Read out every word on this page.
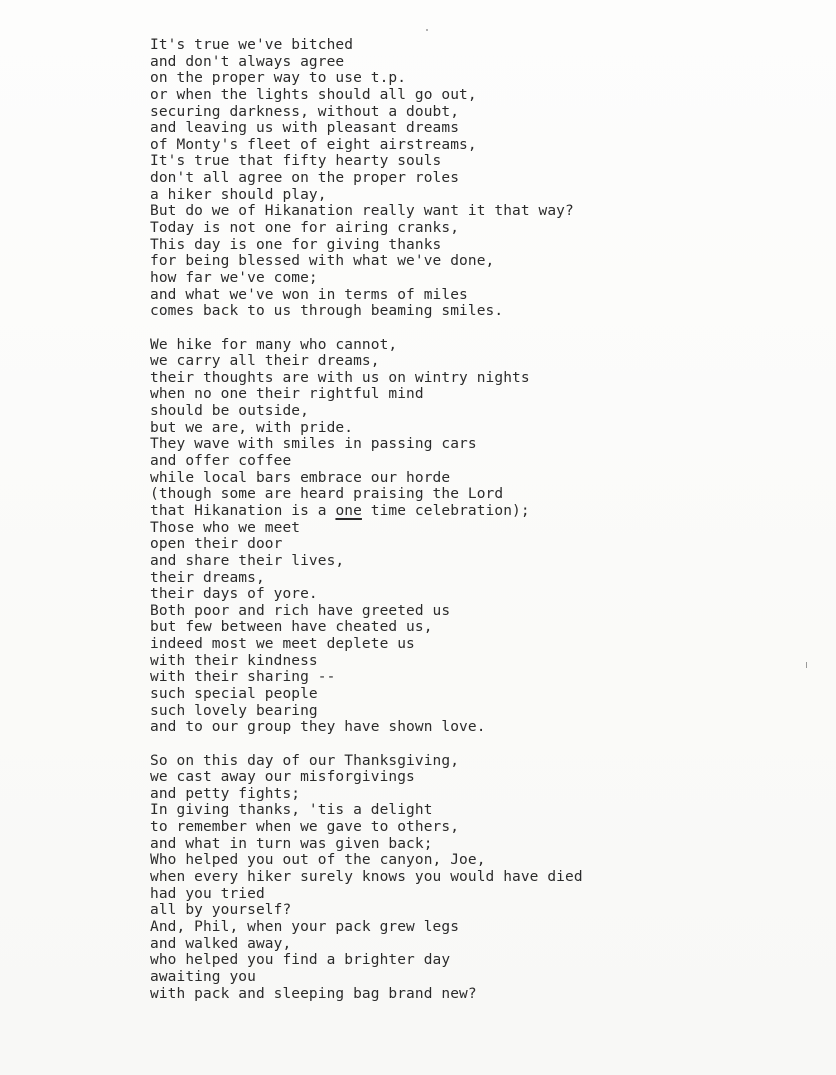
It's true we've bitched
and don't always agree
on the proper way to use t.p.
or when the lights should all go out,
securing darkness, without a doubt,
and leaving us with pleasant dreams
of Monty's fleet of eight airstreams,
It's true that fifty hearty souls
don't all agree on the proper roles
a hiker should play,
But do we of Hikanation really want it that way?
Today is not one for airing cranks,
This day is one for giving thanks
for being blessed with what we've done,
how far we've come;
and what we've won in terms of miles
comes back to us through beaming smiles.
We hike for many who cannot,
we carry all their dreams,
their thoughts are with us on wintry nights
when no one their rightful mind
should be outside,
but we are, with pride.
They wave with smiles in passing cars
and offer coffee
while local bars embrace our horde
(though some are heard praising the Lord
that Hikanation is a one time celebration);
Those who we meet
open their door
and share their lives,
their dreams,
their days of yore.
Both poor and rich have greeted us
but few between have cheated us,
indeed most we meet deplete us
with their kindness
with their sharing --
such special people
such lovely bearing
and to our group they have shown love.
So on this day of our Thanksgiving,
we cast away our misforgivings
and petty fights;
In giving thanks, 'tis a delight
to remember when we gave to others,
and what in turn was given back;
Who helped you out of the canyon, Joe,
when every hiker surely knows you would have died
had you tried
all by yourself?
And, Phil, when your pack grew legs
and walked away,
who helped you find a brighter day
awaiting you
with pack and sleeping bag brand new?
